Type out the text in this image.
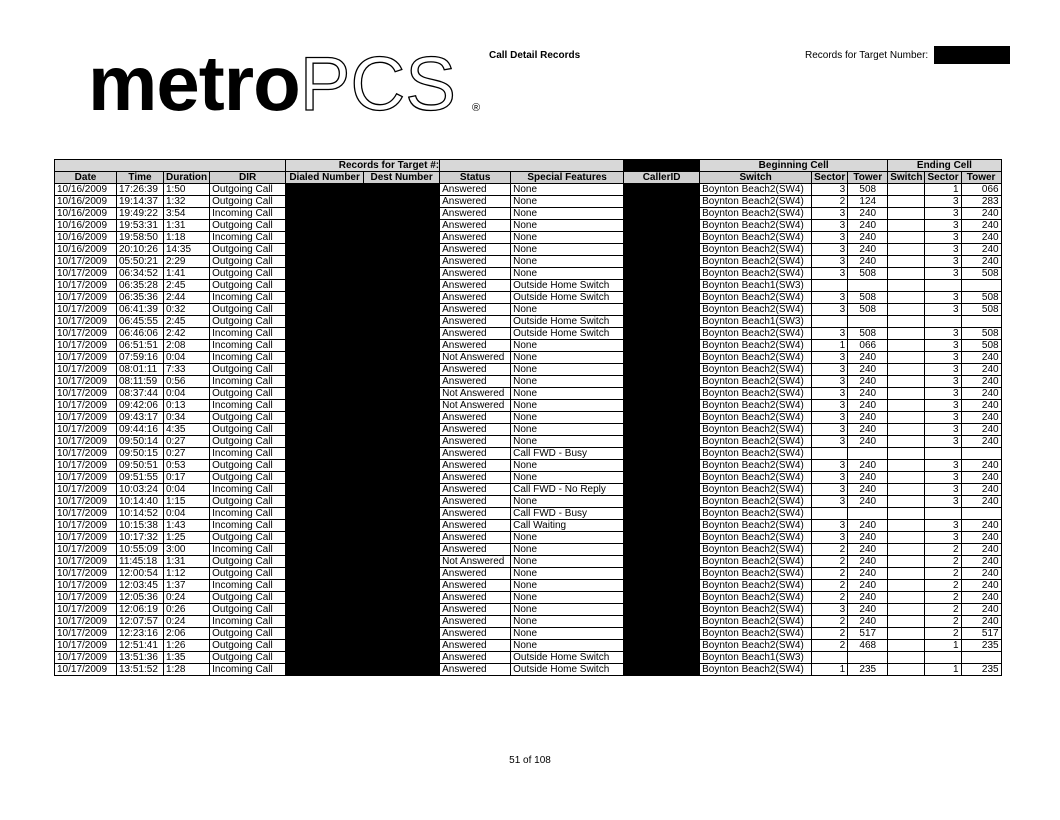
metroPCS ®
Call Detail Records	Records for Target Number:
				Records for Target #:					Beginning Cell			Ending Cell		
Date	Time	Duration	DIR	Dialed Number	Dest Number	Status	Special Features	CallerID	Switch	Sector	Tower	Switch	Sector	Tower
10/16/2009	17:26:39	1:50	Outgoing Call			Answered	None		Boynton Beach2(SW4)	3	508		1	066
10/16/2009	19:14:37	1:32	Outgoing Call			Answered	None		Boynton Beach2(SW4)	2	124		3	283
10/16/2009	19:49:22	3:54	Incoming Call			Answered	None		Boynton Beach2(SW4)	3	240		3	240
10/16/2009	19:53:31	1:31	Outgoing Call			Answered	None		Boynton Beach2(SW4)	3	240		3	240
10/16/2009	19:58:50	1:18	Incoming Call			Answered	None		Boynton Beach2(SW4)	3	240		3	240
10/16/2009	20:10:26	14:35	Outgoing Call			Answered	None		Boynton Beach2(SW4)	3	240		3	240
10/17/2009	05:50:21	2:29	Outgoing Call			Answered	None		Boynton Beach2(SW4)	3	240		3	240
10/17/2009	06:34:52	1:41	Outgoing Call			Answered	None		Boynton Beach2(SW4)	3	508		3	508
10/17/2009	06:35:28	2:45	Outgoing Call			Answered	Outside Home Switch		Boynton Beach1(SW3)					
10/17/2009	06:35:36	2:44	Incoming Call			Answered	Outside Home Switch		Boynton Beach2(SW4)	3	508		3	508
10/17/2009	06:41:39	0:32	Outgoing Call			Answered	None		Boynton Beach2(SW4)	3	508		3	508
10/17/2009	06:45:55	2:45	Outgoing Call			Answered	Outside Home Switch		Boynton Beach1(SW3)					
10/17/2009	06:46:06	2:42	Incoming Call			Answered	Outside Home Switch		Boynton Beach2(SW4)	3	508		3	508
10/17/2009	06:51:51	2:08	Incoming Call			Answered	None		Boynton Beach2(SW4)	1	066		3	508
10/17/2009	07:59:16	0:04	Incoming Call			Not Answered	None		Boynton Beach2(SW4)	3	240		3	240
10/17/2009	08:01:11	7:33	Outgoing Call			Answered	None		Boynton Beach2(SW4)	3	240		3	240
10/17/2009	08:11:59	0:56	Incoming Call			Answered	None		Boynton Beach2(SW4)	3	240		3	240
10/17/2009	08:37:44	0:04	Outgoing Call			Not Answered	None		Boynton Beach2(SW4)	3	240		3	240
10/17/2009	09:42:06	0:13	Incoming Call			Not Answered	None		Boynton Beach2(SW4)	3	240		3	240
10/17/2009	09:43:17	0:34	Outgoing Call			Answered	None		Boynton Beach2(SW4)	3	240		3	240
10/17/2009	09:44:16	4:35	Outgoing Call			Answered	None		Boynton Beach2(SW4)	3	240		3	240
10/17/2009	09:50:14	0:27	Outgoing Call			Answered	None		Boynton Beach2(SW4)	3	240		3	240
10/17/2009	09:50:15	0:27	Incoming Call			Answered	Call FWD - Busy		Boynton Beach2(SW4)					
10/17/2009	09:50:51	0:53	Outgoing Call			Answered	None		Boynton Beach2(SW4)	3	240		3	240
10/17/2009	09:51:55	0:17	Outgoing Call			Answered	None		Boynton Beach2(SW4)	3	240		3	240
10/17/2009	10:03:24	0:04	Incoming Call			Answered	Call FWD - No Reply		Boynton Beach2(SW4)	3	240		3	240
10/17/2009	10:14:40	1:15	Outgoing Call			Answered	None		Boynton Beach2(SW4)	3	240		3	240
10/17/2009	10:14:52	0:04	Incoming Call			Answered	Call FWD - Busy		Boynton Beach2(SW4)					
10/17/2009	10:15:38	1:43	Incoming Call			Answered	Call Waiting		Boynton Beach2(SW4)	3	240		3	240
10/17/2009	10:17:32	1:25	Outgoing Call			Answered	None		Boynton Beach2(SW4)	3	240		3	240
10/17/2009	10:55:09	3:00	Incoming Call			Answered	None		Boynton Beach2(SW4)	2	240		2	240
10/17/2009	11:45:18	1:31	Outgoing Call			Not Answered	None		Boynton Beach2(SW4)	2	240		2	240
10/17/2009	12:00:54	1:12	Outgoing Call			Answered	None		Boynton Beach2(SW4)	2	240		2	240
10/17/2009	12:03:45	1:37	Incoming Call			Answered	None		Boynton Beach2(SW4)	2	240		2	240
10/17/2009	12:05:36	0:24	Outgoing Call			Answered	None		Boynton Beach2(SW4)	2	240		2	240
10/17/2009	12:06:19	0:26	Outgoing Call			Answered	None		Boynton Beach2(SW4)	3	240		2	240
10/17/2009	12:07:57	0:24	Incoming Call			Answered	None		Boynton Beach2(SW4)	2	240		2	240
10/17/2009	12:23:16	2:06	Outgoing Call			Answered	None		Boynton Beach2(SW4)	2	517		2	517
10/17/2009	12:51:41	1:26	Outgoing Call			Answered	None		Boynton Beach2(SW4)	2	468		1	235
10/17/2009	13:51:36	1:35	Outgoing Call			Answered	Outside Home Switch		Boynton Beach1(SW3)					
10/17/2009	13:51:52	1:28	Incoming Call			Answered	Outside Home Switch		Boynton Beach2(SW4)	1	235		1	235
51 of 108
